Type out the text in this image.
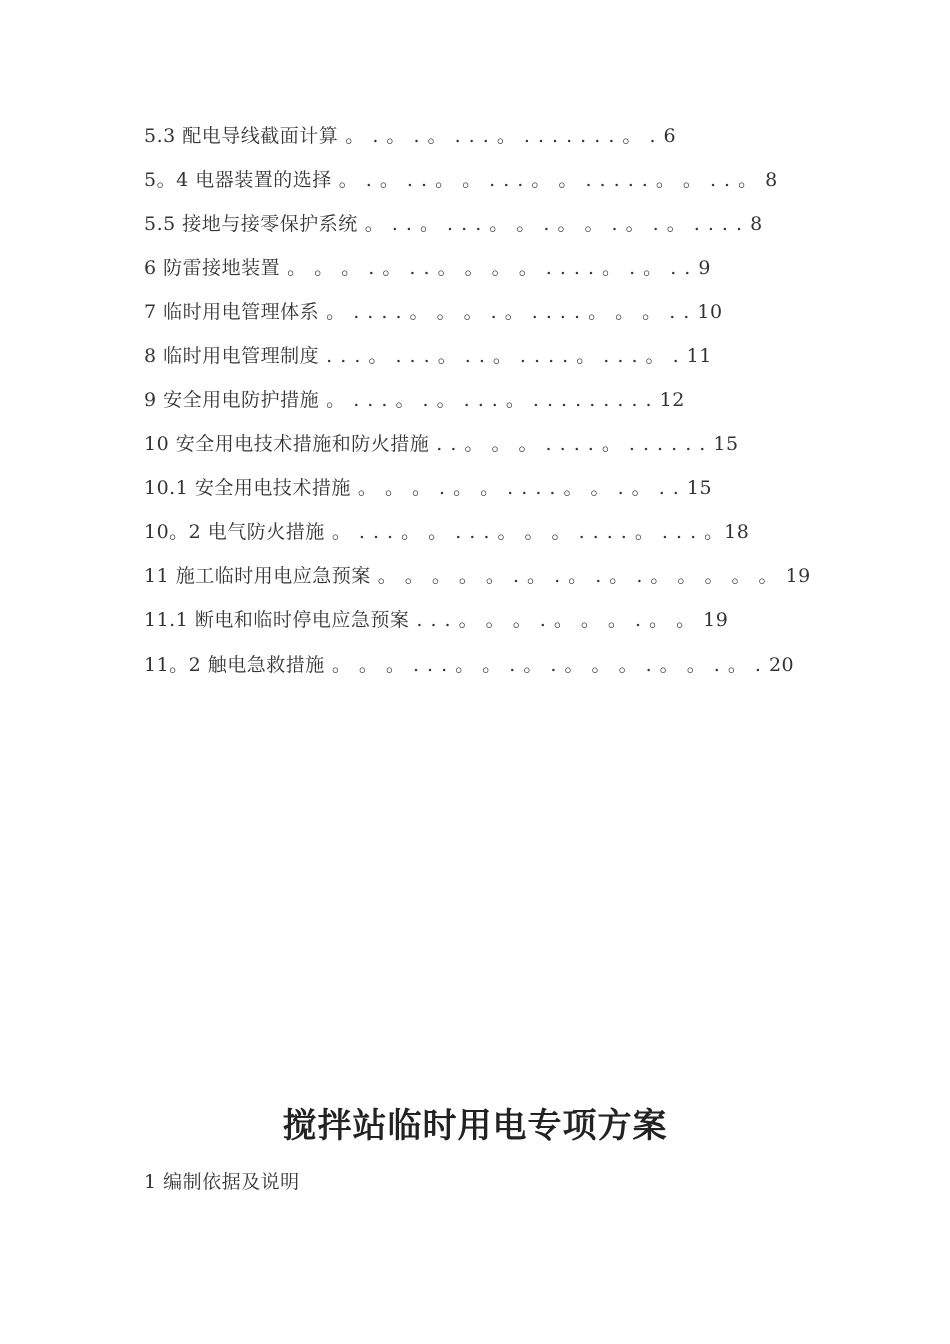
5.3 配电导线截面计算 。 . 。 . 。 . . . 。 . . . . . . . 。 . 6
5。4 电器装置的选择 。 . 。 . . 。 。 . . . 。 。 . . . . . 。 。 . . 。 8
5.5 接地与接零保护系统 。 . . 。 . . . 。 。 . 。 。 . 。 . 。 . . . . 8
6 防雷接地装置 。 。 。 . 。 . . 。 。 。 。 . . . . 。 . 。 . . 9
7 临时用电管理体系 。 . . . . 。 。 。 . 。 . . . . 。 。 。 . . 10
8 临时用电管理制度 . . . 。 . . . 。 . . 。 . . . . 。 . . . 。 . 11
9 安全用电防护措施 。 . . . 。 . 。 . . . 。 . . . . . . . . . 12
10 安全用电技术措施和防火措施 . . 。 。 。 . . . . 。 . . . . . . 15
10.1 安全用电技术措施 。 。 。 . 。 。 . . . . 。 。 . 。 . . 15
10。2 电气防火措施 。 . . . 。 。 . . . 。 。 。 . . . . 。 . . . 。18
11 施工临时用电应急预案 。 。 。 。 。 . 。 . 。 . 。 . 。 。 。 。 。 19
11.1 断电和临时停电应急预案 . . . 。 。 。 . 。 。 。 . 。 。 19
11。2 触电急救措施 。 。 。 . . . 。 。 . 。 . 。 。 。 . 。 。 . 。 . 20
搅拌站临时用电专项方案
1 编制依据及说明
